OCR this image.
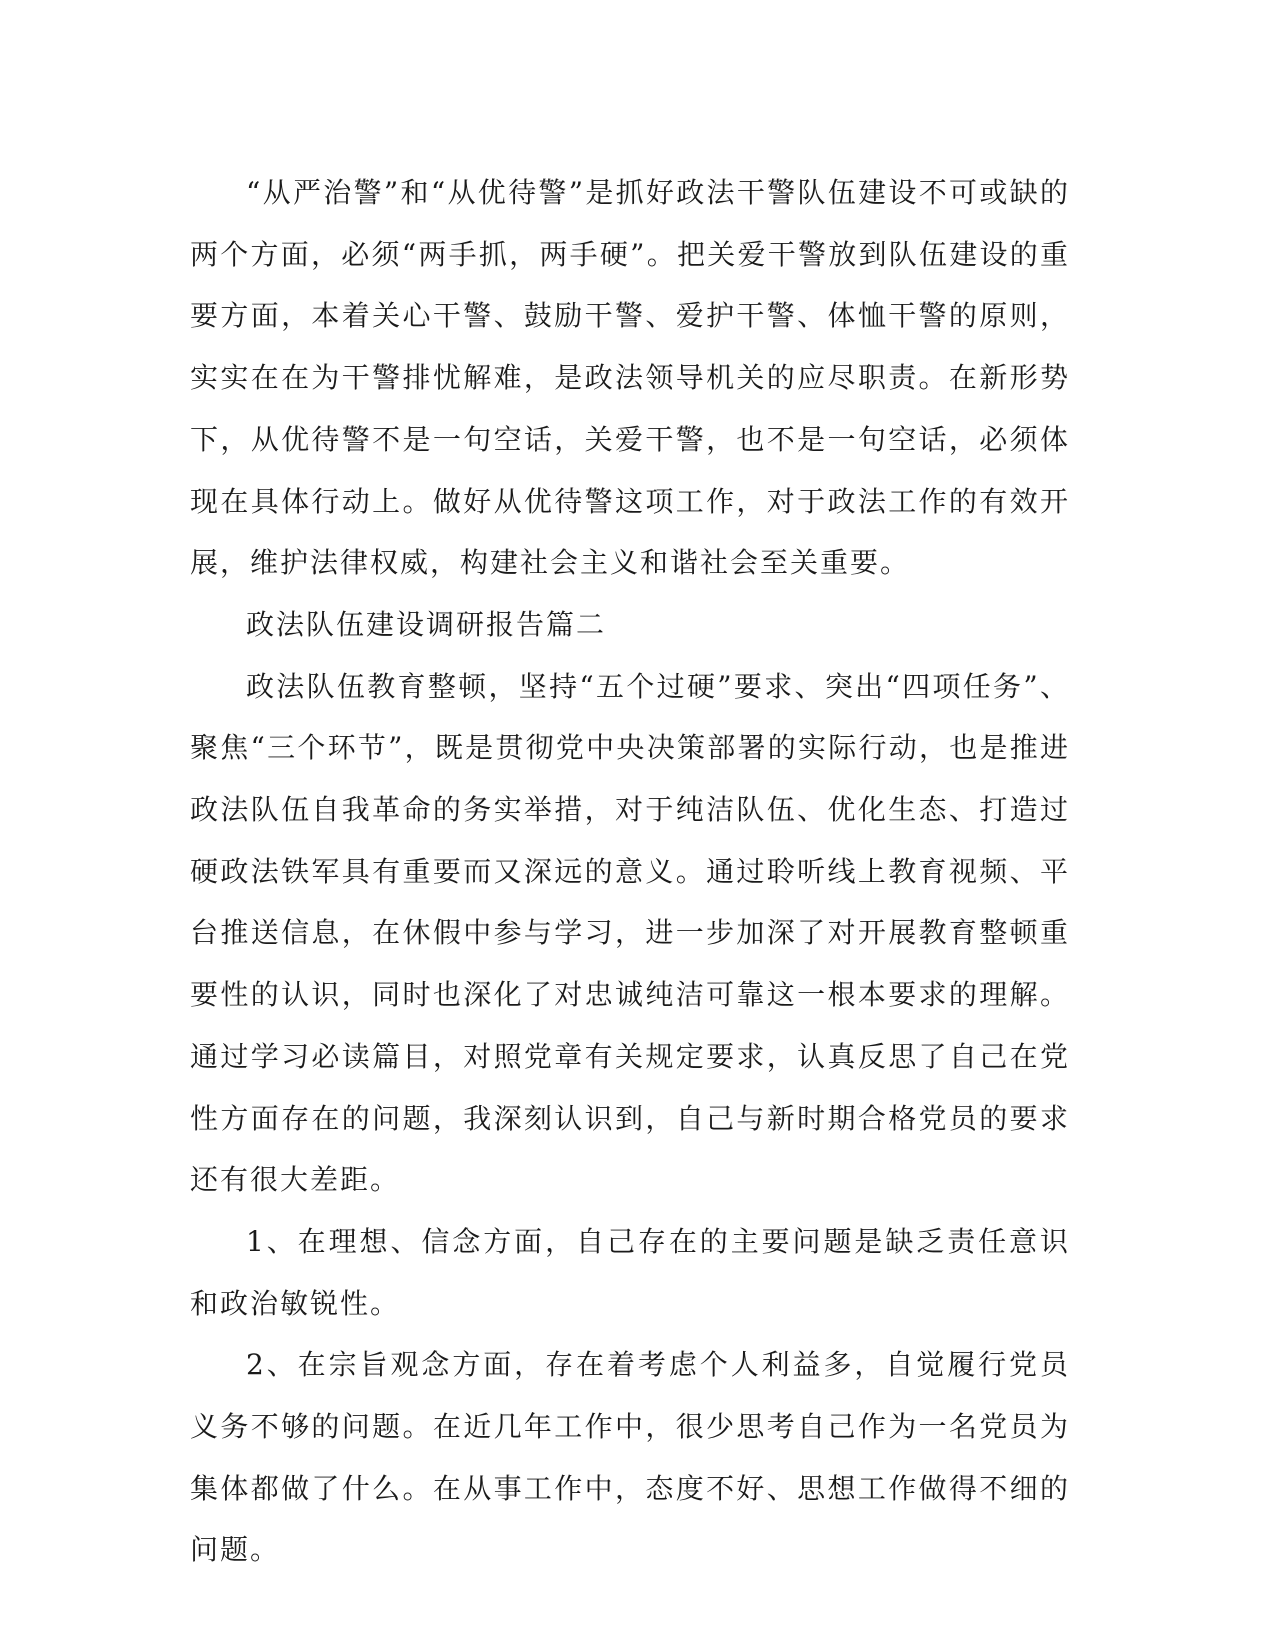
“从严治警”和“从优待警”是抓好政法干警队伍建设不可或缺的两个方面，必须“两手抓，两手硬”。把关爱干警放到队伍建设的重要方面，本着关心干警、鼓励干警、爱护干警、体恤干警的原则，实实在在为干警排忧解难，是政法领导机关的应尽职责。在新形势下，从优待警不是一句空话，关爱干警，也不是一句空话，必须体现在具体行动上。做好从优待警这项工作，对于政法工作的有效开展，维护法律权威，构建社会主义和谐社会至关重要。

政法队伍建设调研报告篇二

政法队伍教育整顿，坚持“五个过硬”要求、突出“四项任务”、聚焦“三个环节”，既是贯彻党中央决策部署的实际行动，也是推进政法队伍自我革命的务实举措，对于纯洁队伍、优化生态、打造过硬政法铁军具有重要而又深远的意义。通过聆听线上教育视频、平台推送信息，在休假中参与学习，进一步加深了对开展教育整顿重要性的认识，同时也深化了对忠诚纯洁可靠这一根本要求的理解。通过学习必读篇目，对照党章有关规定要求，认真反思了自己在党性方面存在的问题，我深刻认识到，自己与新时期合格党员的要求还有很大差距。

1、在理想、信念方面，自己存在的主要问题是缺乏责任意识和政治敏锐性。

2、在宗旨观念方面，存在着考虑个人利益多，自觉履行党员义务不够的问题。在近几年工作中，很少思考自己作为一名党员为集体都做了什么。在从事工作中，态度不好、思想工作做得不细的问题。
